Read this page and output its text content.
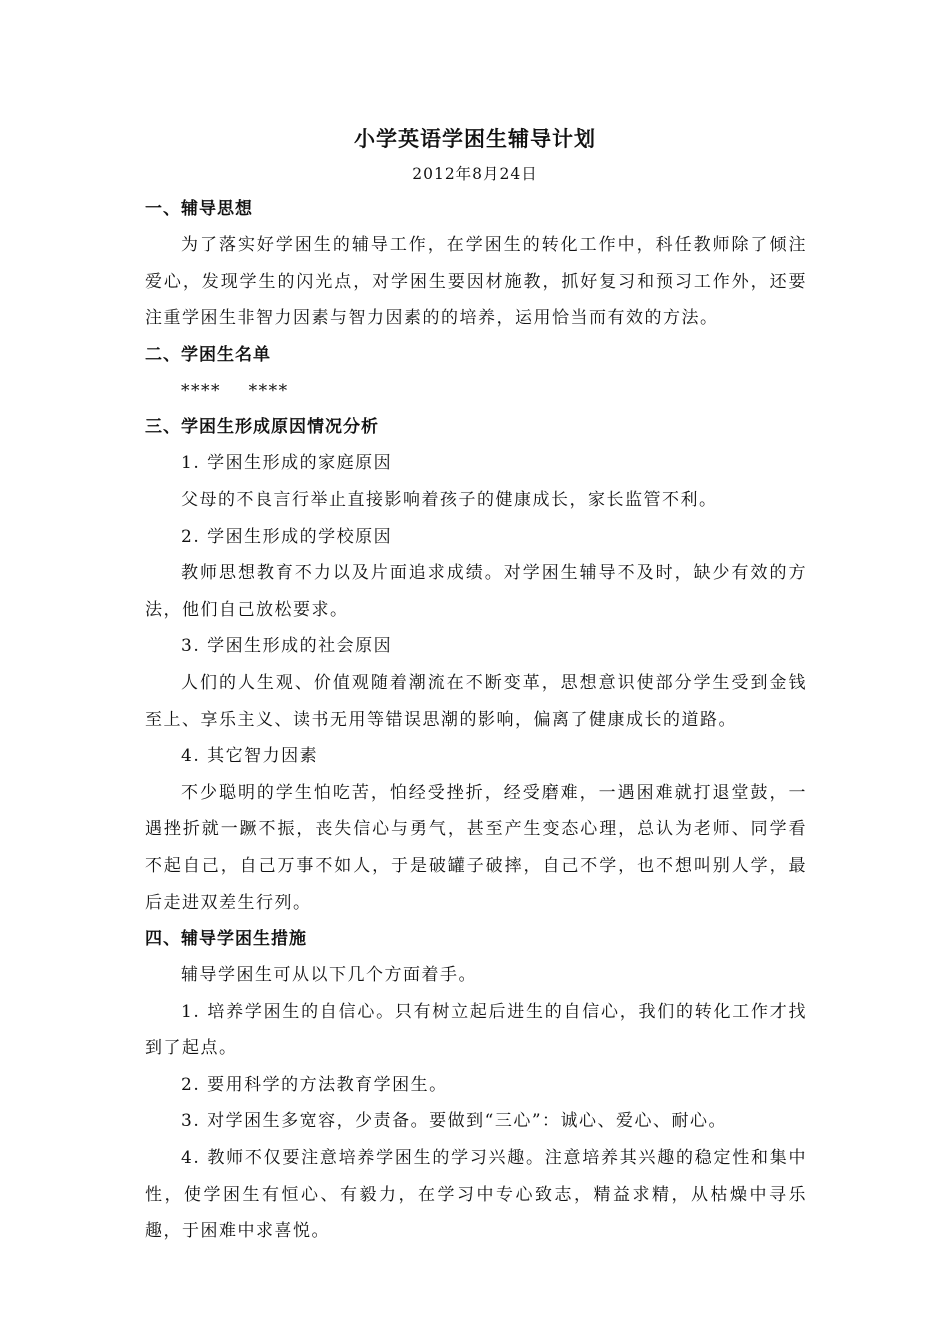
小学英语学困生辅导计划
2012年8月24日
一、辅导思想
为了落实好学困生的辅导工作，在学困生的转化工作中，科任教师除了倾注爱心，发现学生的闪光点，对学困生要因材施教，抓好复习和预习工作外，还要注重学困生非智力因素与智力因素的的培养，运用恰当而有效的方法。
二、学困生名单
****    ****
三、学困生形成原因情况分析
1. 学困生形成的家庭原因
父母的不良言行举止直接影响着孩子的健康成长，家长监管不利。
2. 学困生形成的学校原因
教师思想教育不力以及片面追求成绩。对学困生辅导不及时，缺少有效的方法，他们自己放松要求。
3. 学困生形成的社会原因
人们的人生观、价值观随着潮流在不断变革，思想意识使部分学生受到金钱至上、享乐主义、读书无用等错误思潮的影响，偏离了健康成长的道路。
4. 其它智力因素
不少聪明的学生怕吃苦，怕经受挫折，经受磨难，一遇困难就打退堂鼓，一遇挫折就一蹶不振，丧失信心与勇气，甚至产生变态心理，总认为老师、同学看不起自己，自己万事不如人，于是破罐子破摔，自己不学，也不想叫别人学，最后走进双差生行列。
四、辅导学困生措施
辅导学困生可从以下几个方面着手。
1. 培养学困生的自信心。只有树立起后进生的自信心，我们的转化工作才找到了起点。
2. 要用科学的方法教育学困生。
3. 对学困生多宽容，少责备。要做到“三心”：诚心、爱心、耐心。
4. 教师不仅要注意培养学困生的学习兴趣。注意培养其兴趣的稳定性和集中性，使学困生有恒心、有毅力，在学习中专心致志，精益求精，从枯燥中寻乐趣，于困难中求喜悦。
